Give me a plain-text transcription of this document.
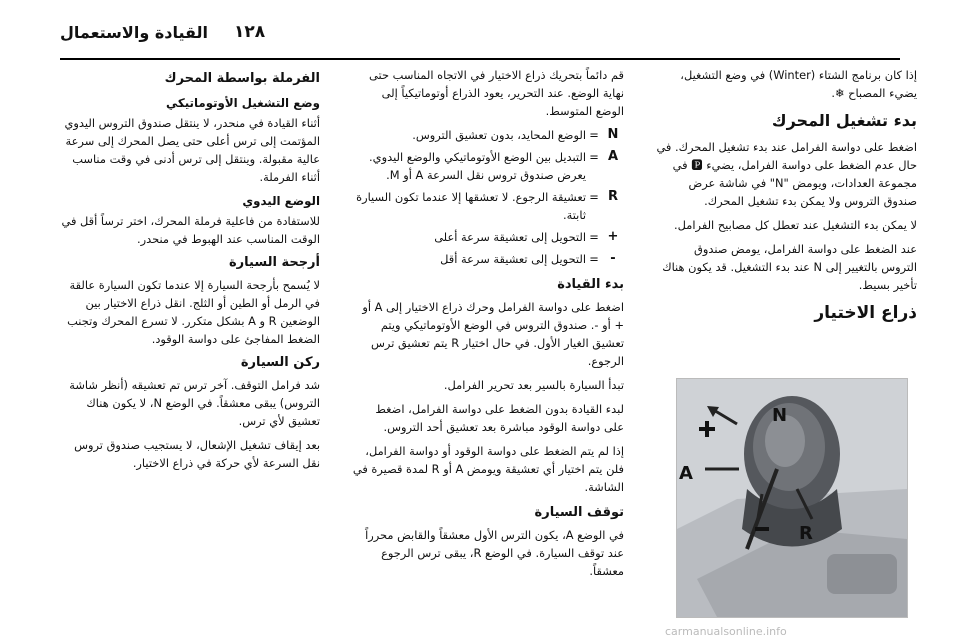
١٢٨
القيادة والاستعمال

إذا كان برنامج الشتاء (Winter) في وضع التشغيل، يضيء المصباح ❄.

بدء تشغيل المحرك

اضغط على دواسة الفرامل عند بدء تشغيل المحرك. في حال عدم الضغط على دواسة الفرامل، يضيء 🅿 في مجموعة العدادات، ويومض "N" في شاشة عرض صندوق التروس ولا يمكن بدء تشغيل المحرك.

لا يمكن بدء التشغيل عند تعطل كل مصابيح الفرامل.

عند الضغط على دواسة الفرامل، يومض صندوق التروس بالتغيير إلى N عند بدء التشغيل. قد يكون هناك تأخير بسيط.

ذراع الاختيار
N
A
R

قم دائماً بتحريك ذراع الاختيار في الاتجاه المناسب حتى نهاية الوضع. عند التحرير، يعود الذراع أوتوماتيكياً إلى الوضع المتوسط.

N
=
الوضع المحايد، بدون تعشيق التروس.
A
=
التبديل بين الوضع الأوتوماتيكي والوضع اليدوي. يعرض صندوق تروس نقل السرعة A أو M.
R
=
تعشيقة الرجوع. لا تعشقها إلا عندما تكون السيارة ثابتة.
+
=
التحويل إلى تعشيقة سرعة أعلى
-
=
التحويل إلى تعشيقة سرعة أقل
بدء القيادة

اضغط على دواسة الفرامل وحرك ذراع الاختيار إلى A أو + أو -. صندوق التروس في الوضع الأوتوماتيكي ويتم تعشيق الغيار الأول. في حال اختيار R يتم تعشيق ترس الرجوع.

تبدأ السيارة بالسير بعد تحرير الفرامل.

لبدء القيادة بدون الضغط على دواسة الفرامل، اضغط على دواسة الوقود مباشرة بعد تعشيق أحد التروس.

إذا لم يتم الضغط على دواسة الوقود أو دواسة الفرامل، فلن يتم اختيار أي تعشيقة ويومض A أو R لمدة قصيرة في الشاشة.

توقف السيارة

في الوضع A، يكون الترس الأول معشقاً والقابض محرراً عند توقف السيارة. في الوضع R، يبقى ترس الرجوع معشقاً.

الفرملة بواسطة المحرك
وضع التشغيل الأوتوماتيكي

أثناء القيادة في منحدر، لا ينتقل صندوق التروس اليدوي المؤتمت إلى ترس أعلى حتى يصل المحرك إلى سرعة عالية مقبولة. وينتقل إلى ترس أدنى في وقت مناسب أثناء الفرملة.

الوضع اليدوي

للاستفادة من فاعلية فرملة المحرك، اختر ترساً أقل في الوقت المناسب عند الهبوط في منحدر.

أرجحة السيارة

لا يُسمح بأرجحة السيارة إلا عندما تكون السيارة عالقة في الرمل أو الطين أو الثلج. انقل ذراع الاختيار بين الوضعين R و A بشكل متكرر. لا تسرع المحرك وتجنب الضغط المفاجئ على دواسة الوقود.

ركن السيارة

شد فرامل التوقف. آخر ترس تم تعشيقه (أنظر شاشة التروس) يبقى معشقاً. في الوضع N، لا يكون هناك تعشيق لأي ترس.

بعد إيقاف تشغيل الإشعال، لا يستجيب صندوق تروس نقل السرعة لأي حركة في ذراع الاختيار.

carmanualsonline.info
